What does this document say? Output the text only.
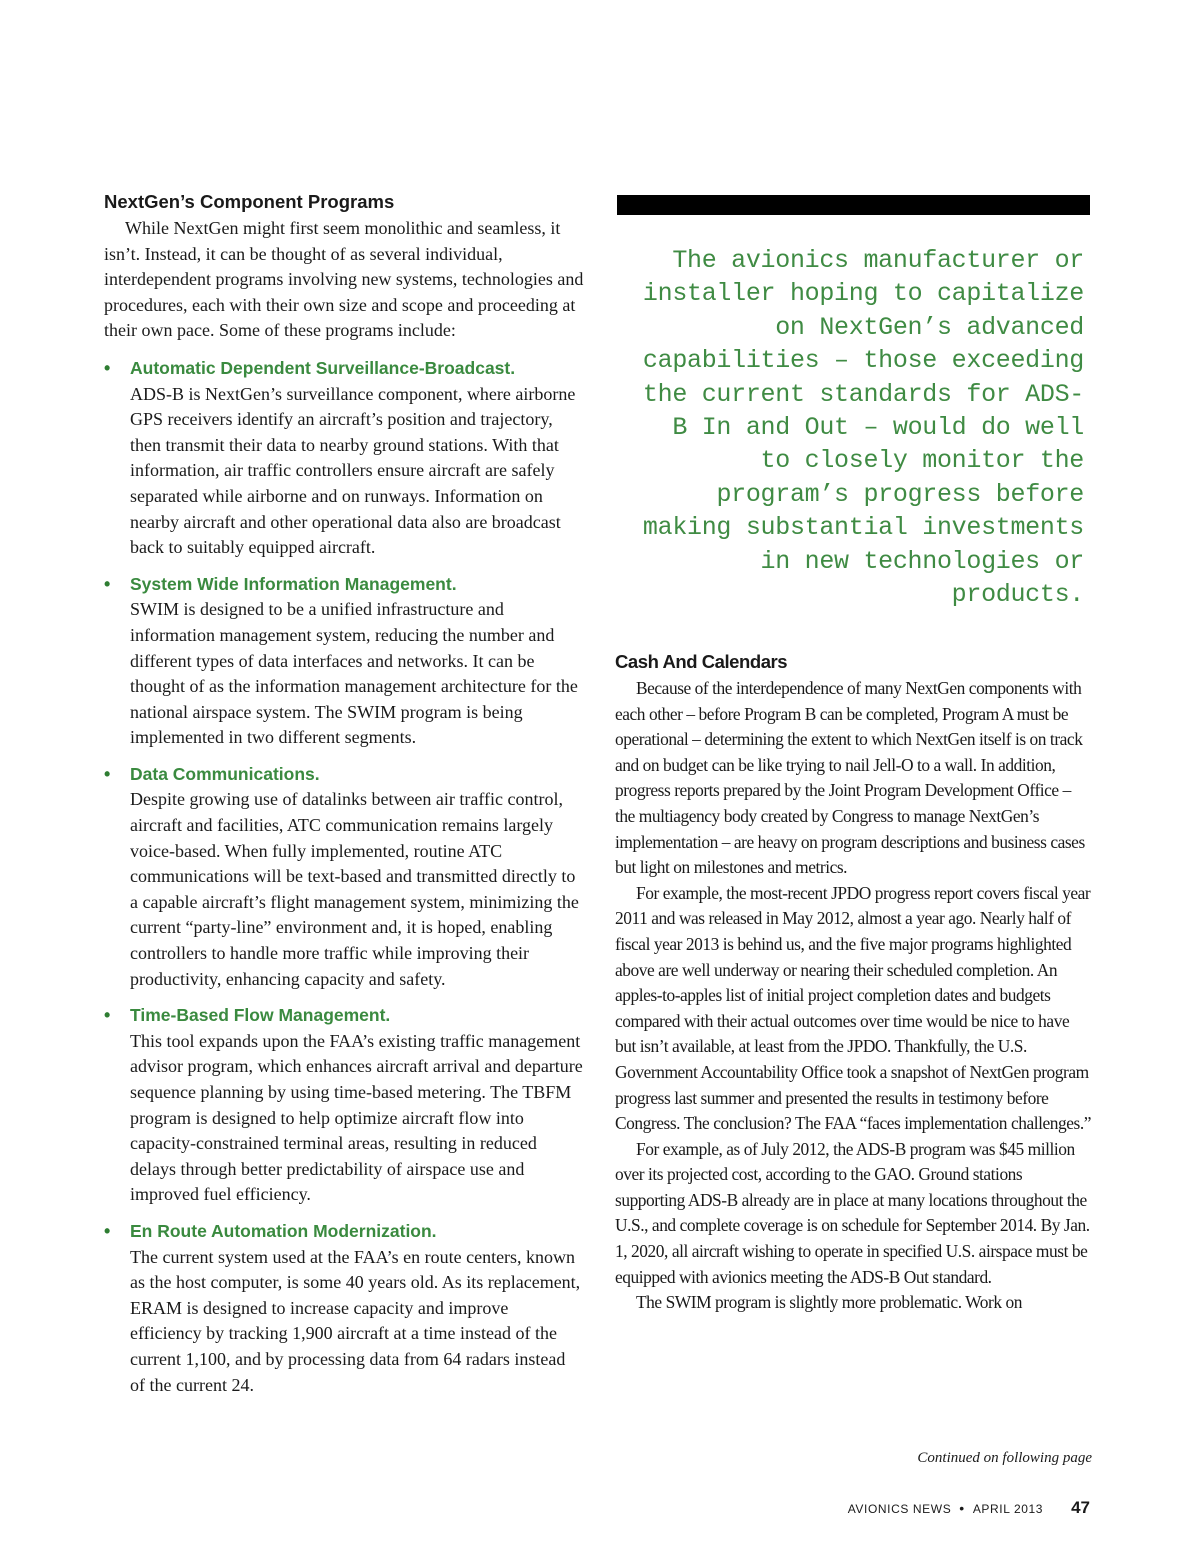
NextGen’s Component Programs

While NextGen might first seem monolithic and seamless, it isn’t. Instead, it can be thought of as several individual, interdependent programs involving new systems, technologies and procedures, each with their own size and scope and proceeding at their own pace. Some of these programs include:

• Automatic Dependent Surveillance-Broadcast.
ADS-B is NextGen’s surveillance component, where airborne GPS receivers identify an aircraft’s position and trajectory, then transmit their data to nearby ground stations. With that information, air traffic controllers ensure aircraft are safely separated while airborne and on runways. Information on nearby aircraft and other operational data also are broadcast back to suitably equipped aircraft.
• System Wide Information Management.
SWIM is designed to be a unified infrastructure and information management system, reducing the number and different types of data interfaces and networks. It can be thought of as the information management architecture for the national airspace system. The SWIM program is being implemented in two different segments.
• Data Communications.
Despite growing use of datalinks between air traffic control, aircraft and facilities, ATC communication remains largely voice-based. When fully implemented, routine ATC communications will be text-based and transmitted directly to a capable aircraft’s flight management system, minimizing the current “party-line” environment and, it is hoped, enabling controllers to handle more traffic while improving their productivity, enhancing capacity and safety.
• Time-Based Flow Management.
This tool expands upon the FAA’s existing traffic management advisor program, which enhances aircraft arrival and departure sequence planning by using time-based metering. The TBFM program is designed to help optimize aircraft flow into capacity-constrained terminal areas, resulting in reduced delays through better predictability of airspace use and improved fuel efficiency.
• En Route Automation Modernization.
The current system used at the FAA’s en route centers, known as the host computer, is some 40 years old. As its replacement, ERAM is designed to increase capacity and improve efficiency by tracking 1,900 aircraft at a time instead of the current 1,100, and by processing data from 64 radars instead of the current 24.
The avionics manufacturer or installer hoping to capitalize on NextGen’s advanced capabilities – those exceeding the current standards for ADS-B In and Out – would do well to closely monitor the program’s progress before making substantial investments in new technologies or products.
Cash And Calendars

Because of the interdependence of many NextGen components with each other – before Program B can be completed, Program A must be operational – determining the extent to which NextGen itself is on track and on budget can be like trying to nail Jell-O to a wall. In addition, progress reports prepared by the Joint Program Development Office – the multiagency body created by Congress to manage NextGen’s implementation – are heavy on program descriptions and business cases but light on milestones and metrics.

For example, the most-recent JPDO progress report covers fiscal year 2011 and was released in May 2012, almost a year ago. Nearly half of fiscal year 2013 is behind us, and the five major programs highlighted above are well underway or nearing their scheduled completion. An apples-to-apples list of initial project completion dates and budgets compared with their actual outcomes over time would be nice to have but isn’t available, at least from the JPDO. Thankfully, the U.S. Government Accountability Office took a snapshot of NextGen program progress last summer and presented the results in testimony before Congress. The conclusion? The FAA “faces implementation challenges.”

For example, as of July 2012, the ADS-B program was $45 million over its projected cost, according to the GAO. Ground stations supporting ADS-B already are in place at many locations throughout the U.S., and complete coverage is on schedule for September 2014. By Jan. 1, 2020, all aircraft wishing to operate in specified U.S. airspace must be equipped with avionics meeting the ADS-B Out standard.

The SWIM program is slightly more problematic. Work on

Continued on following page
AVIONICS NEWS • APRIL 2013 47
